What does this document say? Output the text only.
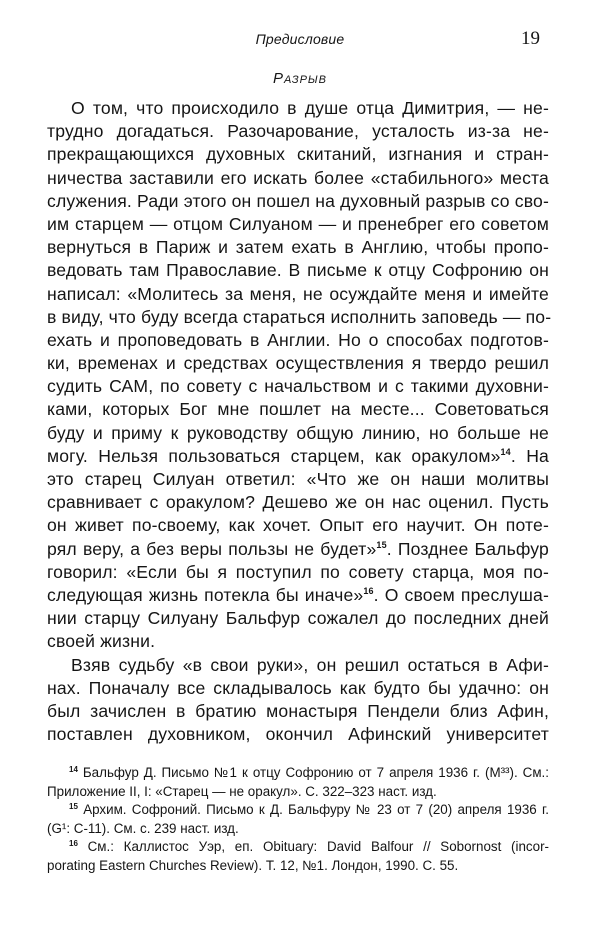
Предисловие	19
Разрыв
О том, что происходило в душе отца Димитрия, — не-
трудно догадаться. Разочарование, усталость из-за не-
прекращающихся духовных скитаний, изгнания и стран-
ничества заставили его искать более «стабильного» места
служения. Ради этого он пошел на духовный разрыв со сво-
им старцем — отцом Силуаном — и пренебрег его советом
вернуться в Париж и затем ехать в Англию, чтобы пропо-
ведовать там Православие. В письме к отцу Софронию он
написал: «Молитесь за меня, не осуждайте меня и имейте
в виду, что буду всегда стараться исполнить заповедь — по-
ехать и проповедовать в Англии. Но о способах подготов-
ки, временах и средствах осуществления я твердо решил
судить САМ, по совету с начальством и с такими духовни-
ками, которых Бог мне пошлет на месте... Советоваться
буду и приму к руководству общую линию, но больше не
могу. Нельзя пользоваться старцем, как оракулом»$^{14}$. На
это старец Силуан ответил: «Что же он наши молитвы
сравнивает с оракулом? Дешево же он нас оценил. Пусть
он живет по-своему, как хочет. Опыт его научит. Он поте-
рял веру, а без веры пользы не будет»$^{15}$. Позднее Бальфур
говорил: «Если бы я поступил по совету старца, моя по-
следующая жизнь потекла бы иначе»$^{16}$. О своем преслуша-
нии старцу Силуану Бальфур сожалел до последних дней
своей жизни.
Взяв судьбу «в свои руки», он решил остаться в Афи-
нах. Поначалу все складывалось как будто бы удачно: он
был зачислен в братию монастыря Пендели близ Афин,
поставлен духовником, окончил Афинский университет
$^{14}$ Бальфур Д. Письмо №1 к отцу Софронию от 7 апреля 1936 г. (M³³). См.:
Приложение II, I: «Старец — не оракул». С. 322–323 наст. изд.
$^{15}$ Архим. Софроний. Письмо к Д. Бальфуру № 23 от 7 (20) апреля 1936 г.
(G¹: C-11). См. с. 239 наст. изд.
$^{16}$ См.: Каллистос Уэр, еп. Obituary: David Balfour // Sobornost (incor-
porating Eastern Churches Review). Т. 12, №1. Лондон, 1990. С. 55.
